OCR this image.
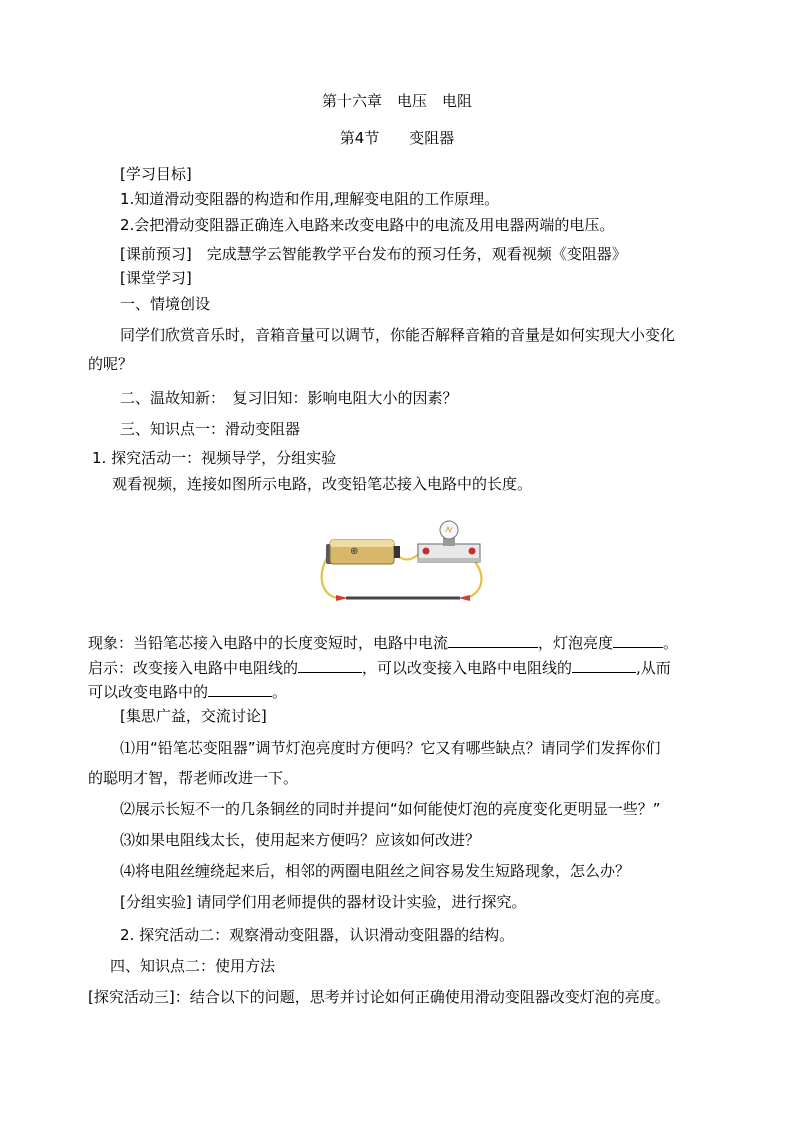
第十六章　电压　电阻
第4节　　变阻器
[学习目标]
1.知道滑动变阻器的构造和作用,理解变电阻的工作原理。
2.会把滑动变阻器正确连入电路来改变电路中的电流及用电器两端的电压。
[课前预习]　完成慧学云智能教学平台发布的预习任务，观看视频《变阻器》
[课堂学习]
一、情境创设
同学们欣赏音乐时，音箱音量可以调节，你能否解释音箱的音量是如何实现大小变化
的呢？
二、温故知新：　复习旧知：影响电阻大小的因素？
三、知识点一：滑动变阻器
1. 探究活动一：视频导学，分组实验
观看视频，连接如图所示电路，改变铅笔芯接入电路中的长度。
⊕
现象：当铅笔芯接入电路中的长度变短时，电路中电流	，灯泡亮度	。
启示：改变接入电路中电阻线的	，可以改变接入电路中电阻线的	,从而
可以改变电路中的	。
[集思广益，交流讨论]
⑴用“铅笔芯变阻器”调节灯泡亮度时方便吗？它又有哪些缺点？请同学们发挥你们
的聪明才智，帮老师改进一下。
⑵展示长短不一的几条铜丝的同时并提问“如何能使灯泡的亮度变化更明显一些？”
⑶如果电阻线太长，使用起来方便吗？应该如何改进？
⑷将电阻丝缠绕起来后，相邻的两圈电阻丝之间容易发生短路现象，怎么办？
[分组实验] 请同学们用老师提供的器材设计实验，进行探究。
2. 探究活动二：观察滑动变阻器，认识滑动变阻器的结构。
四、知识点二：使用方法
[探究活动三]：结合以下的问题，思考并讨论如何正确使用滑动变阻器改变灯泡的亮度。
